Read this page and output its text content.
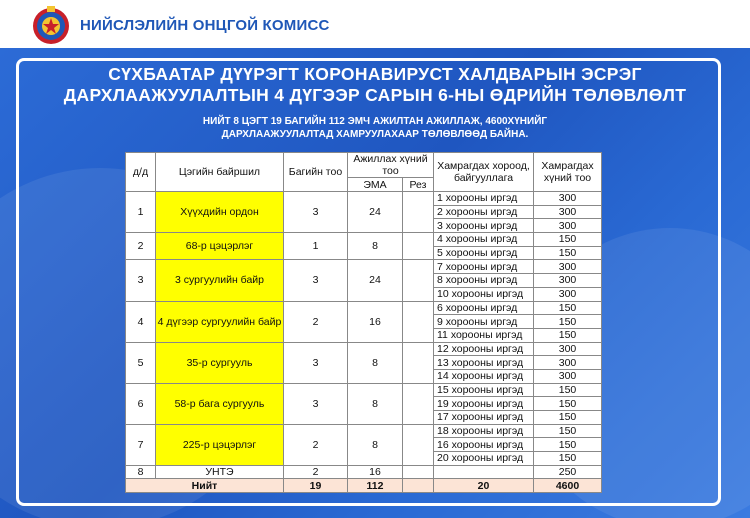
НИЙСЛЭЛИЙН ОНЦГОЙ КОМИСС
СҮХБААТАР ДҮҮРЭГТ КОРОНАВИРУСТ ХАЛДВАРЫН ЭСРЭГ
ДАРХЛААЖУУЛАЛТЫН 4 ДҮГЭЭР САРЫН 6-НЫ ӨДРИЙН ТӨЛӨВЛӨЛТ
НИЙТ 8 ЦЭГТ 19 БАГИЙН 112 ЭМЧ АЖИЛТАН АЖИЛЛАЖ, 4600ХҮНИЙГ
ДАРХЛААЖУУЛАЛТАД ХАМРУУЛАХААР ТӨЛӨВЛӨӨД БАЙНА.
д/д	Цэгийн байршил	Багийн тоо	Ажиллах хүний тоо		Хамрагдах хороод, байгууллага	Хамрагдах хүний тоо
			ЭМА	Рез		
1	Хүүхдийн ордон	3	24		1 хорооны иргэд	300
					2 хорооны иргэд	300
					3 хорооны иргэд	300
2	68-р цэцэрлэг	1	8		4 хорооны иргэд	150
					5 хорооны иргэд	150
3	3 сургуулийн байр	3	24		7 хорооны иргэд	300
					8 хорооны иргэд	300
					10 хорооны иргэд	300
4	4 дүгээр сургуулийн байр	2	16		6 хорооны иргэд	150
					9 хорооны иргэд	150
					11 хорооны иргэд	150
5	35-р сургууль	3	8		12 хорооны иргэд	300
					13 хорооны иргэд	300
					14 хорооны иргэд	300
6	58-р бага сургууль	3	8		15 хорооны иргэд	150
					19 хорооны иргэд	150
					17 хорооны иргэд	150
7	225-р цэцэрлэг	2	8		18 хорооны иргэд	150
					16 хорооны иргэд	150
					20 хорооны иргэд	150
8	УНТЭ	2	16			250
Нийт		19	112		20	4600
